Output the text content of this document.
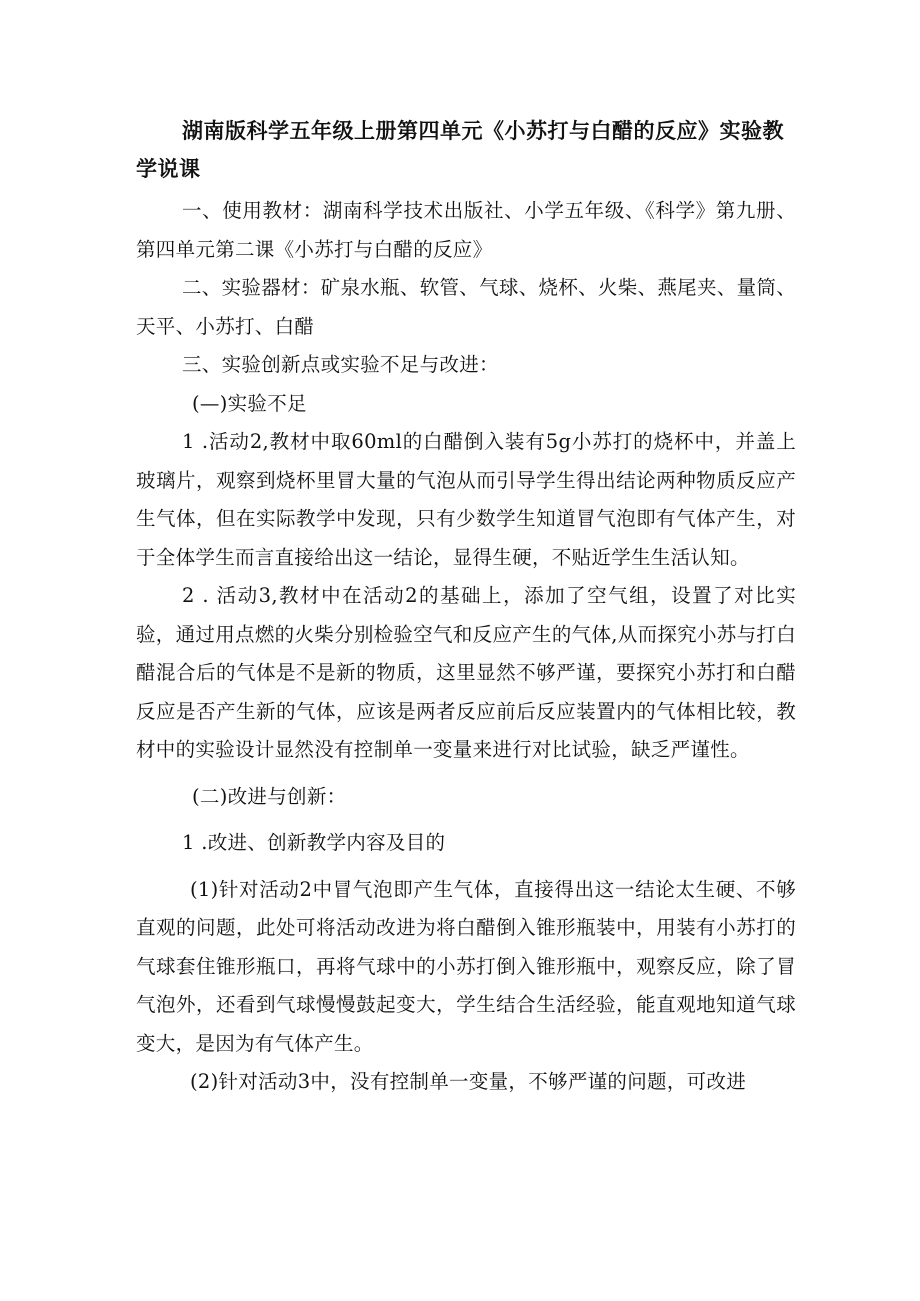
湖南版科学五年级上册第四单元《小苏打与白醋的反应》实验教学说课

一、使用教材：湖南科学技术出版社、小学五年级、《科学》第九册、第四单元第二课《小苏打与白醋的反应》

二、实验器材：矿泉水瓶、软管、气球、烧杯、火柴、燕尾夹、量筒、天平、小苏打、白醋

三、实验创新点或实验不足与改进：

(—)实验不足

1 .活动2,教材中取60ml的白醋倒入装有5g小苏打的烧杯中，并盖上玻璃片，观察到烧杯里冒大量的气泡从而引导学生得出结论两种物质反应产生气体，但在实际教学中发现，只有少数学生知道冒气泡即有气体产生，对于全体学生而言直接给出这一结论，显得生硬，不贴近学生生活认知。

2 . 活动3,教材中在活动2的基础上，添加了空气组，设置了对比实验，通过用点燃的火柴分别检验空气和反应产生的气体,从而探究小苏与打白醋混合后的气体是不是新的物质，这里显然不够严谨，要探究小苏打和白醋反应是否产生新的气体，应该是两者反应前后反应装置内的气体相比较，教材中的实验设计显然没有控制单一变量来进行对比试验，缺乏严谨性。

(二)改进与创新：

1 .改进、创新教学内容及目的

(1)针对活动2中冒气泡即产生气体，直接得出这一结论太生硬、不够直观的问题，此处可将活动改进为将白醋倒入锥形瓶装中，用装有小苏打的气球套住锥形瓶口，再将气球中的小苏打倒入锥形瓶中，观察反应，除了冒气泡外，还看到气球慢慢鼓起变大，学生结合生活经验，能直观地知道气球变大，是因为有气体产生。

(2)针对活动3中，没有控制单一变量，不够严谨的问题，可改进
